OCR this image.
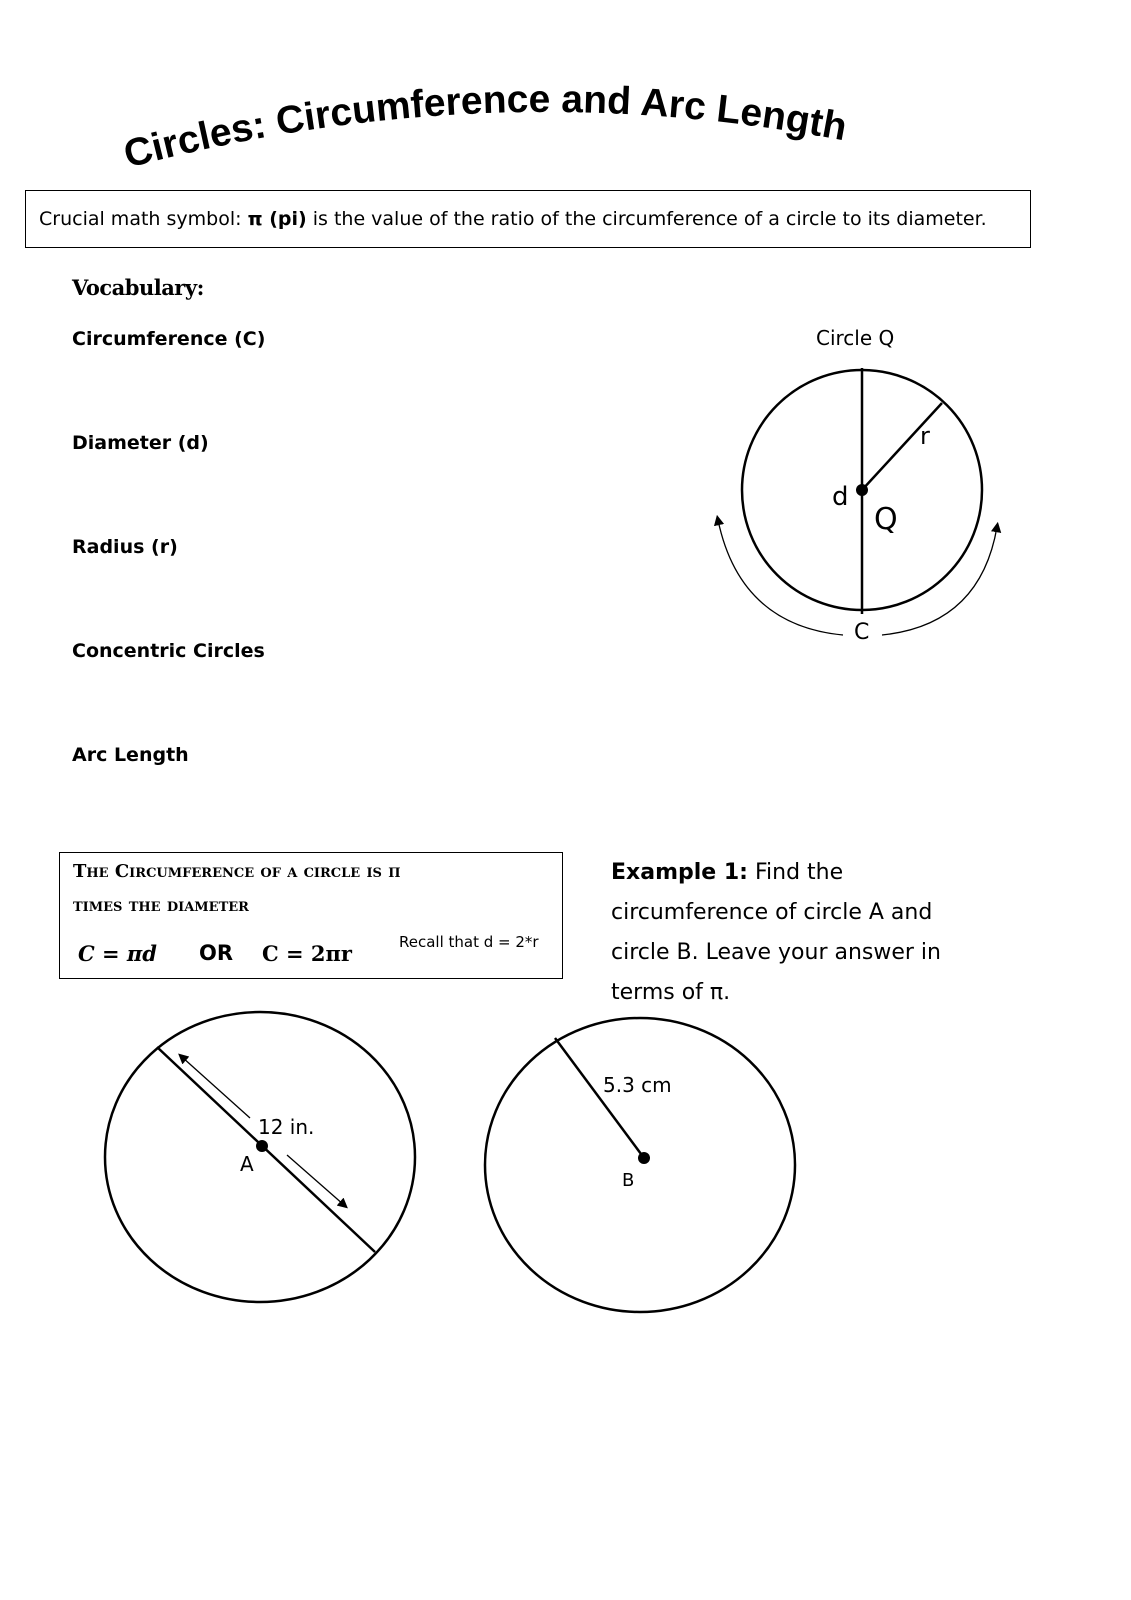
Circles: Circumference and Arc Length
Crucial math symbol: π (pi) is the value of the ratio of the circumference of a circle to its diameter.
Vocabulary:
Circumference (C)
Diameter (d)
Radius (r)
Concentric Circles
Arc Length
Circle Q
r
d
Q
C
The Circumference of a circle is π
times the diameter
C = πd OR C = 2πr	Recall that d = 2*r
Example 1: Find the
circumference of circle A and
circle B. Leave your answer in
terms of π.
12 in.
A
5.3 cm
B
